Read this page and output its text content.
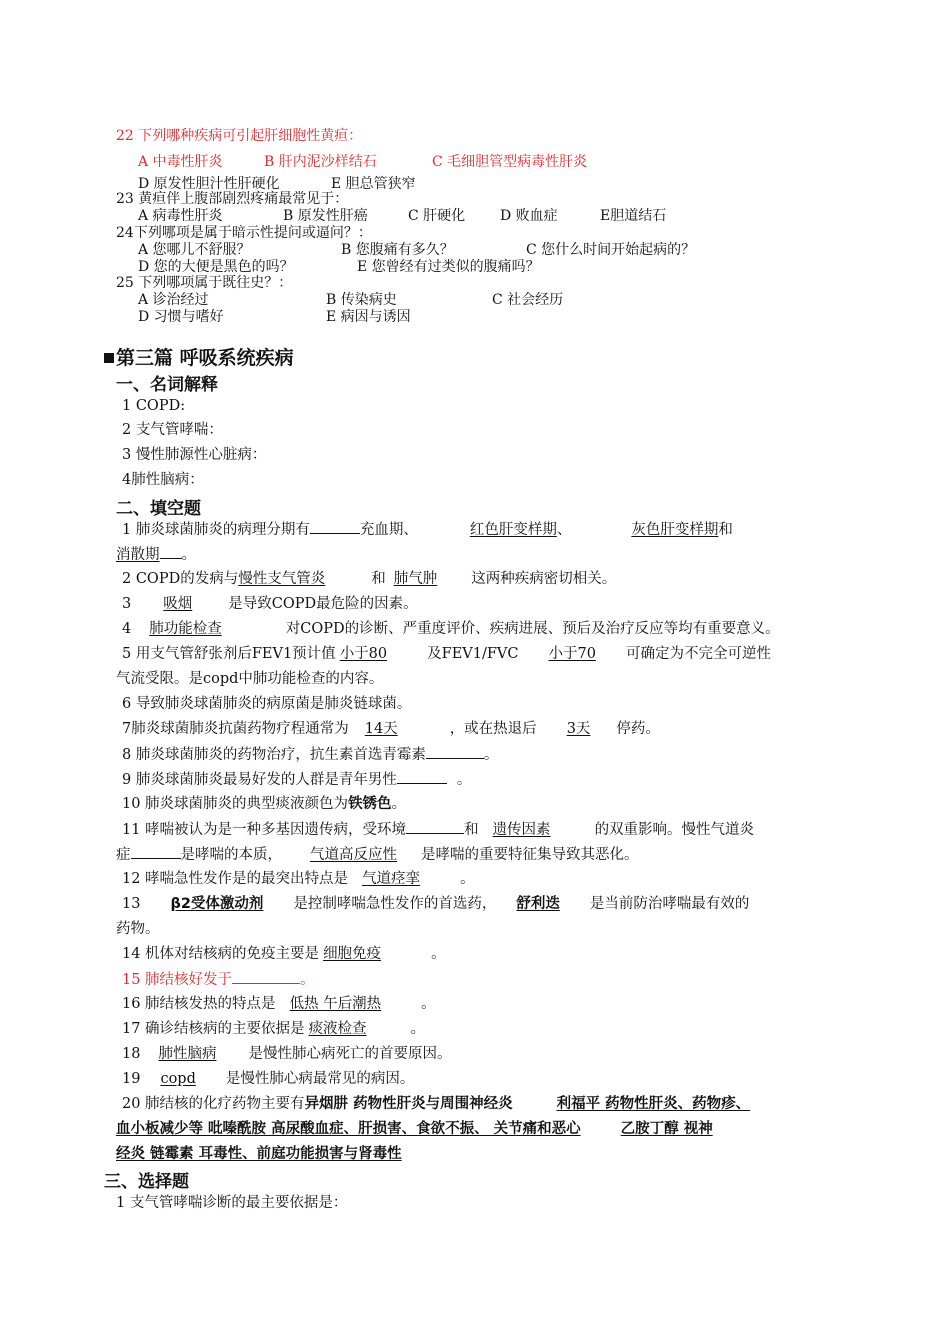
22 下列哪种疾病可引起肝细胞性黄疸：
A 中毒性肝炎	B 肝内泥沙样结石	C 毛细胆管型病毒性肝炎
D 原发性胆汁性肝硬化	E 胆总管狭窄
23 黄疸伴上腹部剧烈疼痛最常见于：
A 病毒性肝炎	B 原发性肝癌	C 肝硬化 D 败血症	E胆道结石
24下列哪项是属于暗示性提问或逼问？：
A 您哪儿不舒服？	B 您腹痛有多久？	C 您什么时间开始起病的？
D 您的大便是黑色的吗？	E 您曾经有过类似的腹痛吗？
25 下列哪项属于既往史？：
A 诊治经过	B 传染病史	C 社会经历
D 习惯与嗜好	E 病因与诱因
第三篇 呼吸系统疾病
一、名词解释
1 COPD:
2 支气管哮喘：
3 慢性肺源性心脏病：
4肺性脑病：
二、填空题
1 肺炎球菌肺炎的病理分期有	充血期、	红色肝变样期、	灰色肝变样期和
消散期 。
2 COPD的发病与慢性支气管炎	和 肺气肿 这两种疾病密切相关。
3 吸烟 是导致COPD最危险的因素。
4 肺功能检查	对COPD的诊断、严重度评价、疾病进展、预后及治疗反应等均有重要意义。
5 用支气管舒张剂后FEV1预计值 小于80	及FEV1/FVC 小于70 可确定为不完全可逆性
气流受限。是copd中肺功能检查的内容。
6 导致肺炎球菌肺炎的病原菌是肺炎链球菌。
7肺炎球菌肺炎抗菌药物疗程通常为 14天	，或在热退后 3天 停药。
8 肺炎球菌肺炎的药物治疗，抗生素首选青霉素	。
9 肺炎球菌肺炎最易好发的人群是青年男性	。
10 肺炎球菌肺炎的典型痰液颜色为铁锈色。
11 哮喘被认为是一种多基因遗传病，受环境	和 遗传因素	的双重影响。慢性气道炎
症	是哮喘的本质， 气道高反应性 是哮喘的重要特征集导致其恶化。
12 哮喘急性发作是的最突出特点是 气道痉挛	。
13 β2受体激动剂 是控制哮喘急性发作的首选药， 舒利迭 是当前防治哮喘最有效的
药物。
14 机体对结核病的免疫主要是 细胞免疫	。
15 肺结核好发于	。
16 肺结核发热的特点是 低热 午后潮热	。
17 确诊结核病的主要依据是 痰液检查	。
18 肺性脑病 是慢性肺心病死亡的首要原因。
19 copd 是慢性肺心病最常见的病因。
20 肺结核的化疗药物主要有异烟肼 药物性肝炎与周围神经炎	利福平 药物性肝炎、药物疹、
血小板减少等 吡嗪酰胺 高尿酸血症、肝损害、食欲不振、 关节痛和恶心	乙胺丁醇 视神
经炎 链霉素 耳毒性、前庭功能损害与肾毒性
三、选择题
1 支气管哮喘诊断的最主要依据是：
